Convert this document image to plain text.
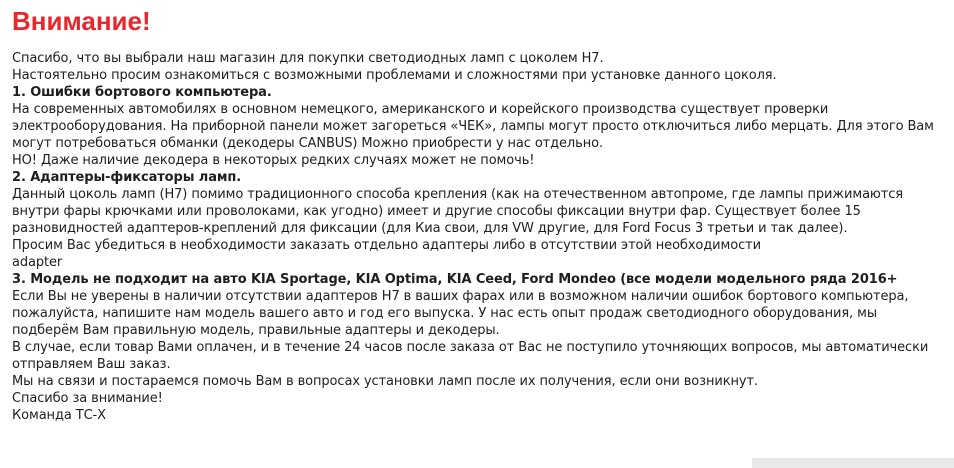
Внимание!
Спасибо, что вы выбрали наш магазин для покупки светодиодных ламп с цоколем H7.
Настоятельно просим ознакомиться с возможными проблемами и сложностями при установке данного цоколя.
1. Ошибки бортового компьютера.
На современных автомобилях в основном немецкого, американского и корейского производства существует проверки
электрооборудования. На приборной панели может загореться «ЧЕК», лампы могут просто отключиться либо мерцать. Для этого Вам
могут потребоваться обманки (декодеры CANBUS) Можно приобрести у нас отдельно.
НО! Даже наличие декодера в некоторых редких случаях может не помочь!
2. Адаптеры-фиксаторы ламп.
Данный цоколь ламп (H7) помимо традиционного способа крепления (как на отечественном автопроме, где лампы прижимаются
внутри фары крючками или проволоками, как угодно) имеет и другие способы фиксации внутри фар. Существует более 15
разновидностей адаптеров-креплений для фиксации (для Киа свои, для VW другие, для Ford Focus 3 третьи и так далее).
Просим Вас убедиться в необходимости заказать отдельно адаптеры либо в отсутствии этой необходимости
adapter
3. Модель не подходит на авто KIA Sportage, KIA Optima, KIA Ceed, Ford Mondeo (все модели модельного ряда 2016+
Если Вы не уверены в наличии отсутствии адаптеров H7 в ваших фарах или в возможном наличии ошибок бортового компьютера,
пожалуйста, напишите нам модель вашего авто и год его выпуска. У нас есть опыт продаж светодиодного оборудования, мы
подберём Вам правильную модель, правильные адаптеры и декодеры.
В случае, если товар Вами оплачен, и в течение 24 часов после заказа от Вас не поступило уточняющих вопросов, мы автоматически
отправляем Ваш заказ.
Мы на связи и постараемся помочь Вам в вопросах установки ламп после их получения, если они возникнут.
Спасибо за внимание!
Команда ТС-Х
